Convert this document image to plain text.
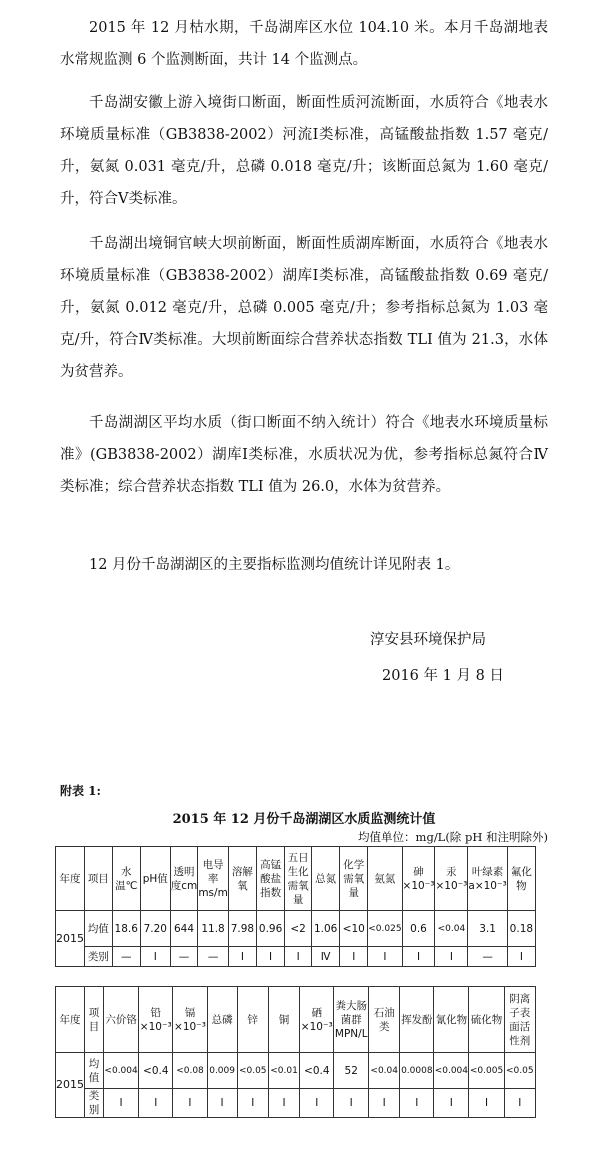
2015 年 12 月枯水期，千岛湖库区水位 104.10 米。本月千岛湖地表水常规监测 6 个监测断面，共计 14 个监测点。
千岛湖安徽上游入境街口断面，断面性质河流断面，水质符合《地表水环境质量标准（GB3838-2002）河流Ⅰ类标准，高锰酸盐指数 1.57 毫克/升，氨氮 0.031 毫克/升，总磷 0.018 毫克/升；该断面总氮为 1.60 毫克/升，符合Ⅴ类标准。
千岛湖出境铜官峡大坝前断面，断面性质湖库断面，水质符合《地表水环境质量标准（GB3838-2002）湖库Ⅰ类标准，高锰酸盐指数 0.69 毫克/升，氨氮 0.012 毫克/升，总磷 0.005 毫克/升；参考指标总氮为 1.03 毫克/升，符合Ⅳ类标准。大坝前断面综合营养状态指数 TLI 值为 21.3，水体为贫营养。
千岛湖湖区平均水质（街口断面不纳入统计）符合《地表水环境质量标准》(GB3838-2002）湖库Ⅰ类标准，水质状况为优，参考指标总氮符合Ⅳ类标准；综合营养状态指数 TLI 值为 26.0，水体为贫营养。
12 月份千岛湖湖区的主要指标监测均值统计详见附表 1。
淳安县环境保护局
2016 年 1 月 8 日
附表 1:
2015 年 12 月份千岛湖湖区水质监测统计值
均值单位：mg/L(除 pH 和注明除外)
年度	项目	水温℃	pH值	透明度cm	电导率ms/m	溶解氧	高锰酸盐指数	五日生化需氧量	总氮	化学需氧量	氨氮	砷×10⁻³	汞×10⁻³	叶绿素a×10⁻³	氟化物
2015	均值	18.6	7.20	644	11.8	7.98	0.96	<2	1.06	<10	<0.025	0.6	<0.04	3.1	0.18
	类别	—	Ⅰ	—	—	Ⅰ	Ⅰ	Ⅰ	Ⅳ	Ⅰ	Ⅰ	Ⅰ	Ⅰ	—	Ⅰ
年度	项目	六价铬	铅×10⁻³	镉×10⁻³	总磷	锌	铜	硒×10⁻³	粪大肠菌群MPN/L	石油类	挥发酚	氰化物	硫化物	阴离子表面活性剂
2015	均值	<0.004	<0.4	<0.08	0.009	<0.05	<0.01	<0.4	52	<0.04	0.0008	<0.004	<0.005	<0.05
	类别	Ⅰ	Ⅰ	Ⅰ	Ⅰ	Ⅰ	Ⅰ	Ⅰ	Ⅰ	Ⅰ	Ⅰ	Ⅰ	Ⅰ	Ⅰ
